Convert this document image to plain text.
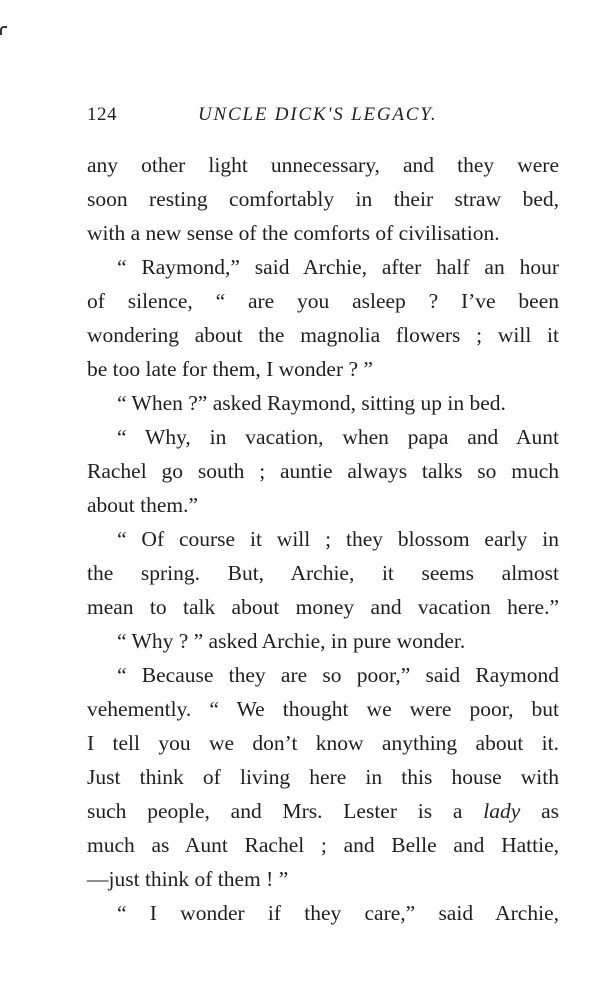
124	UNCLE DICK'S LEGACY.
any other light unnecessary, and they were
soon resting comfortably in their straw bed,
with a new sense of the comforts of civilisation.
“ Raymond,” said Archie, after half an hour
of silence, “ are you asleep ? I’ve been
wondering about the magnolia flowers ; will it
be too late for them, I wonder ? ”
“ When ?” asked Raymond, sitting up in bed.
“ Why, in vacation, when papa and Aunt
Rachel go south ; auntie always talks so much
about them.”
“ Of course it will ; they blossom early in
the spring. But, Archie, it seems almost
mean to talk about money and vacation here.”
“ Why ? ” asked Archie, in pure wonder.
“ Because they are so poor,” said Raymond
vehemently. “ We thought we were poor, but
I tell you we don’t know anything about it.
Just think of living here in this house with
such people, and Mrs. Lester is a lady as
much as Aunt Rachel ; and Belle and Hattie,
—just think of them ! ”
“ I wonder if they care,” said Archie,
